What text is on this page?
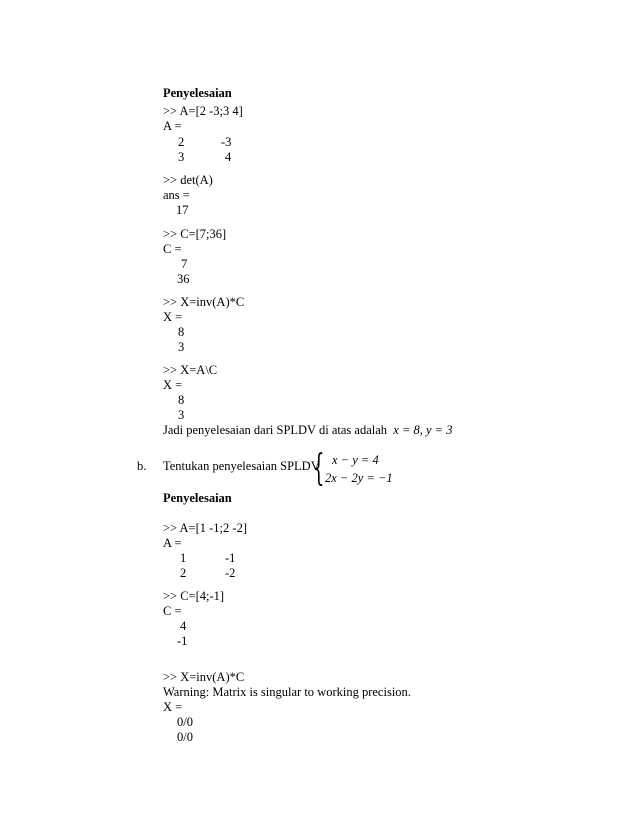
Penyelesaian
>> A=[2 -3;3 4]
A =
2	-3
3	4
>> det(A)
ans =
17
>> C=[7;36]
C =
7
36
>> X=inv(A)*C
X =
8
3
>> X=A\C
X =
8
3
Jadi penyelesaian dari SPLDV di atas adalah x = 8, y = 3
b. Tentukan penyelesaian SPLDV
{ x − y = 4
2x − 2y = −1
Penyelesaian
>> A=[1 -1;2 -2]
A =
1	-1
2	-2
>> C=[4;-1]
C =
4
-1
>> X=inv(A)*C
Warning: Matrix is singular to working precision.
X =
0/0
0/0
